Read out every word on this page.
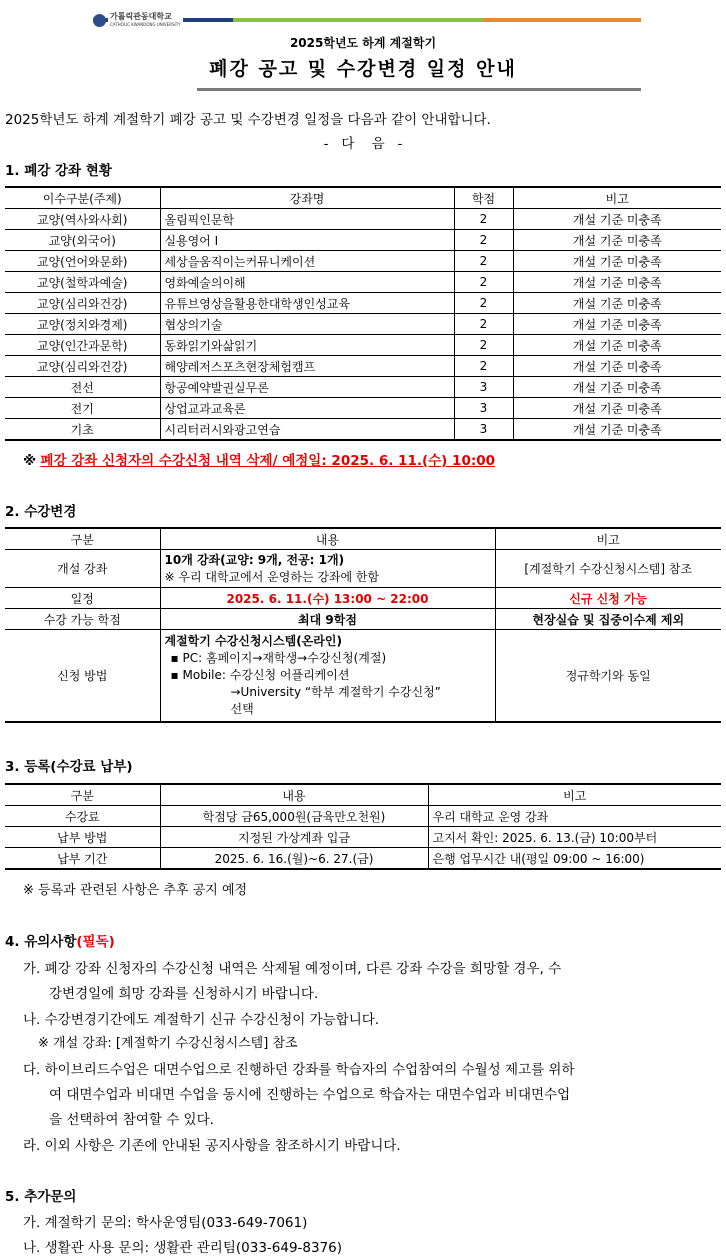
가톨릭관동대학교
CATHOLIC KWANDONG UNIVERSITY
2025학년도 하계 계절학기
폐강 공고 및 수강변경 일정 안내
2025학년도 하계 계절학기 폐강 공고 및 수강변경 일정을 다음과 같이 안내합니다.
-   다    음   -
1. 폐강 강좌 현황
이수구분(주제)	강좌명	학점	비고
교양(역사와사회)	올림픽인문학	2	개설 기준 미충족
교양(외국어)	실용영어 I	2	개설 기준 미충족
교양(언어와문화)	세상을움직이는커뮤니케이션	2	개설 기준 미충족
교양(철학과예술)	영화예술의이해	2	개설 기준 미충족
교양(심리와건강)	유튜브영상을활용한대학생인성교육	2	개설 기준 미충족
교양(정치와경제)	협상의기술	2	개설 기준 미충족
교양(인간과문학)	동화읽기와삶읽기	2	개설 기준 미충족
교양(심리와건강)	해양레저스포츠현장체험캠프	2	개설 기준 미충족
전선	항공예약발권실무론	3	개설 기준 미충족
전기	상업교과교육론	3	개설 기준 미충족
기초	시리터러시와광고연습	3	개설 기준 미충족
※ 폐강 강좌 신청자의 수강신청 내역 삭제/ 예정일: 2025. 6. 11.(수) 10:00
2. 수강변경
구분	내용	비고
개설 강좌	10개 강좌(교양: 9개, 전공: 1개)
※ 우리 대학교에서 운영하는 강좌에 한함	[계절학기 수강신청시스템] 참조
일정	2025. 6. 11.(수) 13:00 ~ 22:00	신규 신청 가능
수강 가능 학점	최대 9학점	현장실습 및 집중이수제 제외
신청 방법	계절학기 수강신청시스템(온라인)
▪ PC: 홈페이지→재학생→수강신청(계절)
▪ Mobile: 수강신청 어플리케이션
→University “학부 계절학기 수강신청”
선택	정규학기와 동일
3. 등록(수강료 납부)
구분	내용	비고
수강료	학점당 금65,000원(금육만오천원)	우리 대학교 운영 강좌
납부 방법	지정된 가상계좌 입금	고지서 확인: 2025. 6. 13.(금) 10:00부터
납부 기간	2025. 6. 16.(월)~6. 27.(금)	은행 업무시간 내(평일 09:00 ~ 16:00)
※ 등록과 관련된 사항은 추후 공지 예정
4. 유의사항(필독)
가. 폐강 강좌 신청자의 수강신청 내역은 삭제될 예정이며, 다른 강좌 수강을 희망할 경우, 수
강변경일에 희망 강좌를 신청하시기 바랍니다.
나. 수강변경기간에도 계절학기 신규 수강신청이 가능합니다.
※ 개설 강좌: [계절학기 수강신청시스템] 참조
다. 하이브리드수업은 대면수업으로 진행하던 강좌를 학습자의 수업참여의 수월성 제고를 위하
여 대면수업과 비대면 수업을 동시에 진행하는 수업으로 학습자는 대면수업과 비대면수업
을 선택하여 참여할 수 있다.
라. 이외 사항은 기존에 안내된 공지사항을 참조하시기 바랍니다.
5. 추가문의
가. 계절학기 문의: 학사운영팀(033-649-7061)
나. 생활관 사용 문의: 생활관 관리팀(033-649-8376)
